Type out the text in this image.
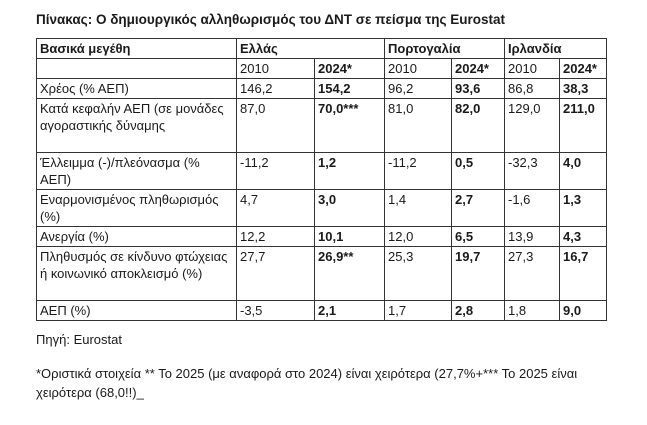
Πίνακας: Ο δημιουργικός αλληθωρισμός του ΔΝΤ σε πείσμα της Eurostat
Βασικά μεγέθη	Ελλάς		Πορτογαλία		Ιρλανδία	
	2010	2024*	2010	2024*	2010	2024*
Χρέος (% ΑΕΠ)	146,2	154,2	96,2	93,6	86,8	38,3
Κατά κεφαλήν ΑΕΠ (σε μονάδες αγοραστικής δύναμης	87,0	70,0***	81,0	82,0	129,0	211,0
Έλλειμμα (-)/πλεόνασμα (% ΑΕΠ)	-11,2	1,2	-11,2	0,5	-32,3	4,0
Εναρμονισμένος πληθωρισμός (%)	4,7	3,0	1,4	2,7	-1,6	1,3
Ανεργία (%)	12,2	10,1	12,0	6,5	13,9	4,3
Πληθυσμός σε κίνδυνο φτώχειας ή κοινωνικό αποκλεισμό (%)	27,7	26,9**	25,3	19,7	27,3	16,7
ΑΕΠ (%)	-3,5	2,1	1,7	2,8	1,8	9,0
Πηγή: Eurostat
*Οριστικά στοιχεία ** Το 2025 (με αναφορά στο 2024) είναι χειρότερα (27,7%+*** Το 2025 είναι χειρότερα (68,0!!)_
